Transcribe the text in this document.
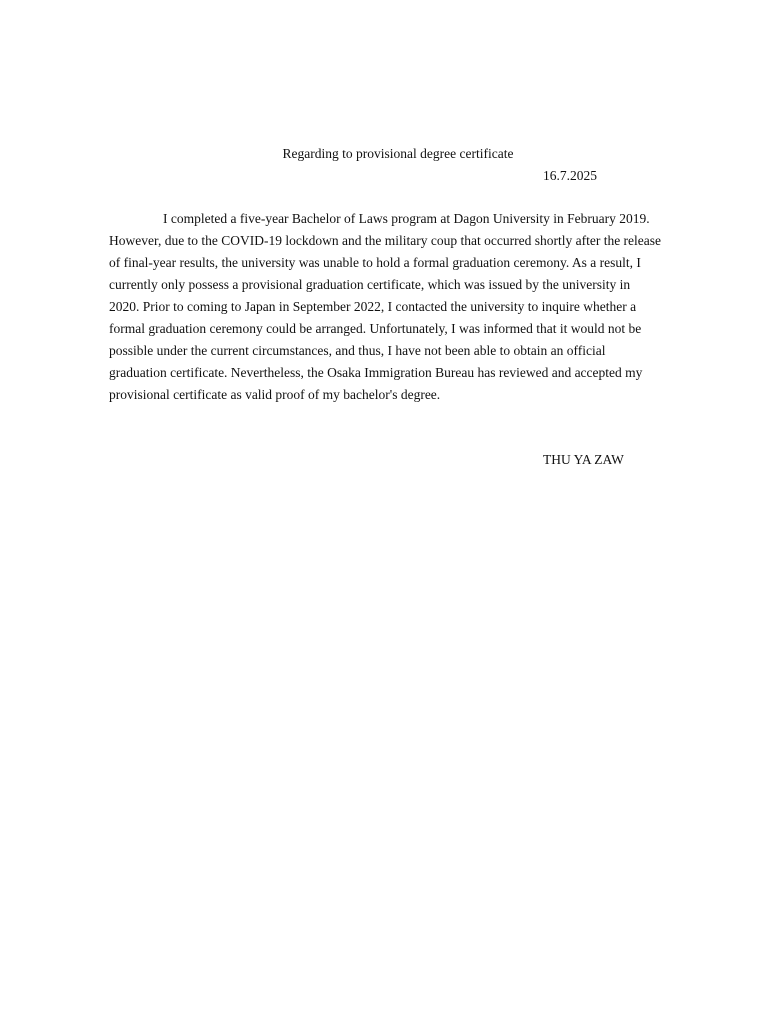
Regarding to provisional degree certificate
16.7.2025

I completed a five-year Bachelor of Laws program at Dagon University in February 2019. However, due to the COVID-19 lockdown and the military coup that occurred shortly after the release of final-year results, the university was unable to hold a formal graduation ceremony. As a result, I currently only possess a provisional graduation certificate, which was issued by the university in 2020. Prior to coming to Japan in September 2022, I contacted the university to inquire whether a formal graduation ceremony could be arranged. Unfortunately, I was informed that it would not be possible under the current circumstances, and thus, I have not been able to obtain an official graduation certificate. Nevertheless, the Osaka Immigration Bureau has reviewed and accepted my provisional certificate as valid proof of my bachelor's degree.

THU YA ZAW
